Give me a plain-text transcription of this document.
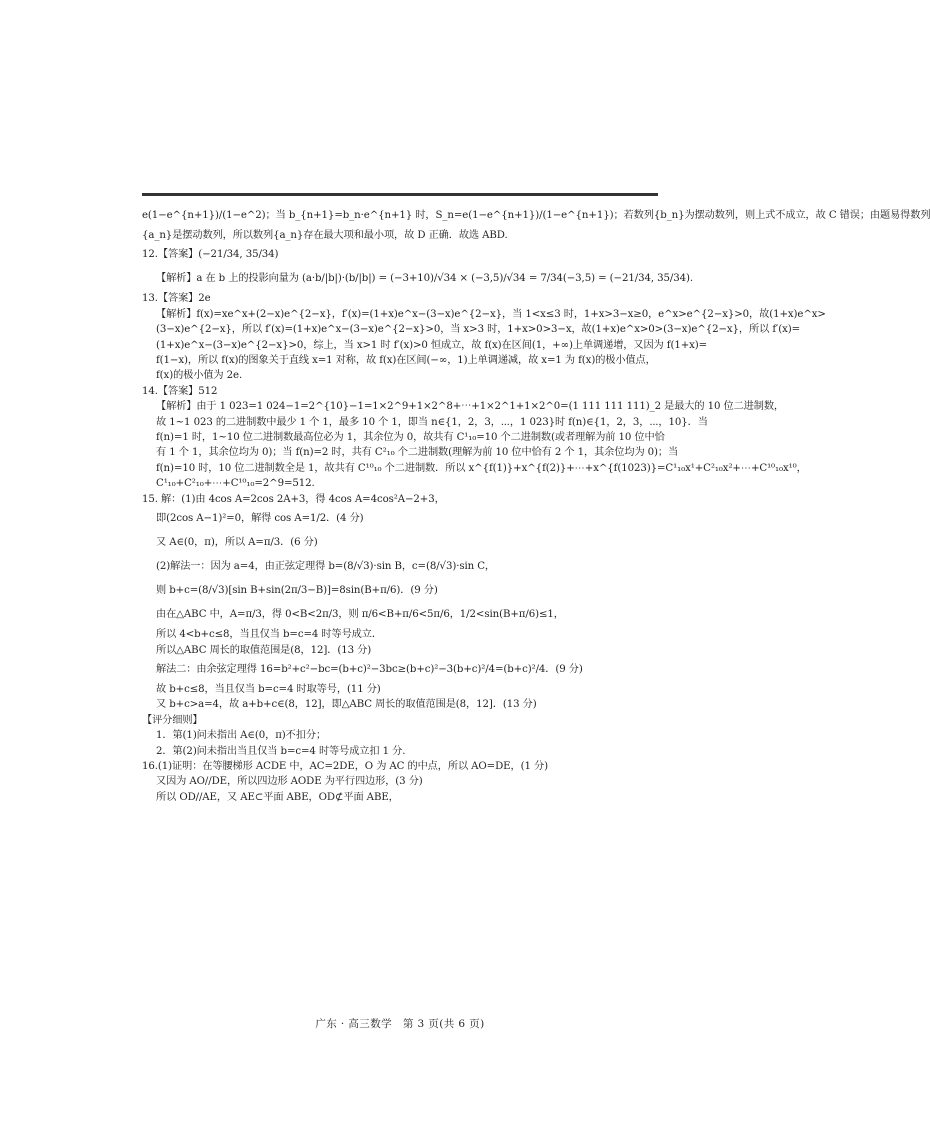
e(1−e^{n+1})/(1−e^2)；当 b_{n+1}=b_n·e^{n+1} 时，S_n=e(1−e^{n+1})/(1−e^{n+1})；若数列{b_n}为摆动数列，则上式不成立，故 C 错误；由题易得数列
{a_n}是摆动数列，所以数列{a_n}存在最大项和最小项，故 D 正确．故选 ABD.
12.【答案】(−21/34, 35/34)
【解析】a 在 b 上的投影向量为 (a·b/|b|)·(b/|b|) = (−3+10)/√34 × (−3,5)/√34 = 7/34(−3,5) = (−21/34, 35/34).
13.【答案】2e
【解析】f(x)=xe^x+(2−x)e^{2−x}，f′(x)=(1+x)e^x−(3−x)e^{2−x}，当 1<x≤3 时，1+x>3−x≥0，e^x>e^{2−x}>0，故(1+x)e^x>
(3−x)e^{2−x}，所以 f′(x)=(1+x)e^x−(3−x)e^{2−x}>0，当 x>3 时，1+x>0>3−x，故(1+x)e^x>0>(3−x)e^{2−x}，所以 f′(x)=
(1+x)e^x−(3−x)e^{2−x}>0，综上，当 x>1 时 f′(x)>0 恒成立，故 f(x)在区间(1，+∞)上单调递增，又因为 f(1+x)=
f(1−x)，所以 f(x)的图象关于直线 x=1 对称，故 f(x)在区间(−∞，1)上单调递减，故 x=1 为 f(x)的极小值点，
f(x)的极小值为 2e.
14.【答案】512
【解析】由于 1 023=1 024−1=2^{10}−1=1×2^9+1×2^8+⋯+1×2^1+1×2^0=(1 111 111 111)_2 是最大的 10 位二进制数，
故 1~1 023 的二进制数中最少 1 个 1，最多 10 个 1，即当 n∈{1，2，3，⋯，1 023}时 f(n)∈{1，2，3，⋯，10}．当
f(n)=1 时，1~10 位二进制数最高位必为 1，其余位为 0，故共有 C¹₁₀=10 个二进制数(或者理解为前 10 位中恰
有 1 个 1，其余位均为 0)；当 f(n)=2 时，共有 C²₁₀ 个二进制数(理解为前 10 位中恰有 2 个 1，其余位均为 0)；当
f(n)=10 时，10 位二进制数全是 1，故共有 C¹⁰₁₀ 个二进制数．所以 x^{f(1)}+x^{f(2)}+⋯+x^{f(1023)}=C¹₁₀x¹+C²₁₀x²+⋯+C¹⁰₁₀x¹⁰，
C¹₁₀+C²₁₀+⋯+C¹⁰₁₀=2^9=512.
15. 解：(1)由 4cos A=2cos 2A+3，得 4cos A=4cos²A−2+3，
即(2cos A−1)²=0，解得 cos A=1/2．(4 分)
又 A∈(0，π)，所以 A=π/3．(6 分)
(2)解法一：因为 a=4，由正弦定理得 b=(8/√3)·sin B，c=(8/√3)·sin C，
则 b+c=(8/√3)[sin B+sin(2π/3−B)]=8sin(B+π/6)．(9 分)
由在△ABC 中，A=π/3，得 0<B<2π/3，则 π/6<B+π/6<5π/6，1/2<sin(B+π/6)≤1，
所以 4<b+c≤8，当且仅当 b=c=4 时等号成立．
所以△ABC 周长的取值范围是(8，12]．(13 分)
解法二：由余弦定理得 16=b²+c²−bc=(b+c)²−3bc≥(b+c)²−3(b+c)²/4=(b+c)²/4．(9 分)
故 b+c≤8，当且仅当 b=c=4 时取等号，(11 分)
又 b+c>a=4，故 a+b+c∈(8，12]，即△ABC 周长的取值范围是(8，12]．(13 分)
【评分细则】
1．第(1)问未指出 A∈(0，π)不扣分；
2．第(2)问未指出当且仅当 b=c=4 时等号成立扣 1 分.
16.(1)证明：在等腰梯形 ACDE 中，AC=2DE，O 为 AC 的中点，所以 AO=DE，(1 分)
又因为 AO//DE，所以四边形 AODE 为平行四边形，(3 分)
所以 OD//AE，又 AE⊂平面 ABE，OD⊄平面 ABE，
广东 · 高三数学　第 3 页(共 6 页)
